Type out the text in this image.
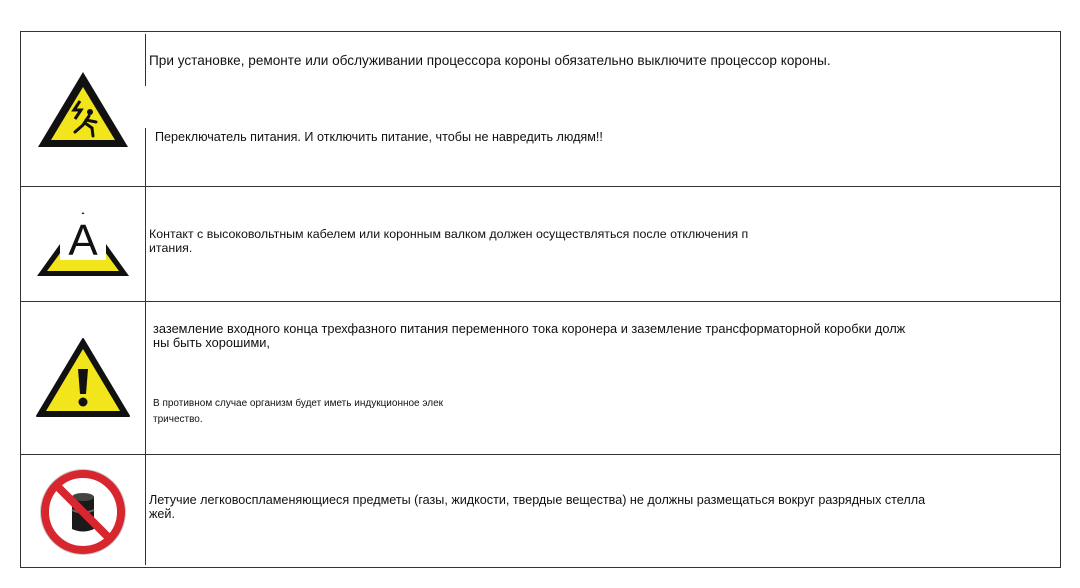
При установке, ремонте или обслуживании процессора короны обязательно выключите процессор короны.
Переключатель питания. И отключить питание, чтобы не навредить людям!!
A	Контакт с высоковольтным кабелем или коронным валком должен осуществляться после отключения п
итания.
заземление входного конца трехфазного питания переменного тока коронера и заземление трансформаторной коробки долж
ны быть хорошими,
В противном случае организм будет иметь индукционное элек
тричество.
Летучие легковоспламеняющиеся предметы (газы, жидкости, твердые вещества) не должны размещаться вокруг разрядных стелла
жей.
